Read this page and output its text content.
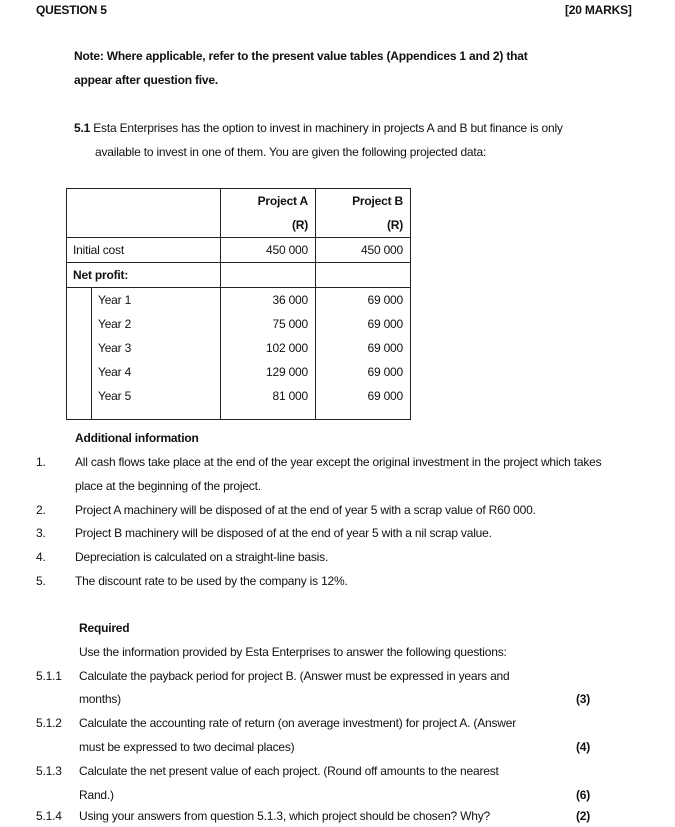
QUESTION 5	[20 MARKS]
Note: Where applicable, refer to the present value tables (Appendices 1 and 2) that
appear after question five.
5.1 Esta Enterprises has the option to invest in machinery in projects A and B but finance is only
available to invest in one of them. You are given the following projected data:
	Project A	Project B
	(R)	(R)
Initial cost	450 000	450 000
Net profit:		

Year 1	36 000	69 000

Year 2	75 000	69 000

Year 3	102 000	69 000

Year 4	129 000	69 000

Year 5	81 000	69 000
Additional information
1. All cash flows take place at the end of the year except the original investment in the project which takes
place at the beginning of the project.
2. Project A machinery will be disposed of at the end of year 5 with a scrap value of R60 000.
3. Project B machinery will be disposed of at the end of year 5 with a nil scrap value.
4. Depreciation is calculated on a straight-line basis.
5. The discount rate to be used by the company is 12%.
Required
Use the information provided by Esta Enterprises to answer the following questions:
5.1.1 Calculate the payback period for project B. (Answer must be expressed in years and
months)	(3)
5.1.2 Calculate the accounting rate of return (on average investment) for project A. (Answer
must be expressed to two decimal places)	(4)
5.1.3 Calculate the net present value of each project. (Round off amounts to the nearest
Rand.)	(6)
5.1.4 Using your answers from question 5.1.3, which project should be chosen? Why?	(2)
